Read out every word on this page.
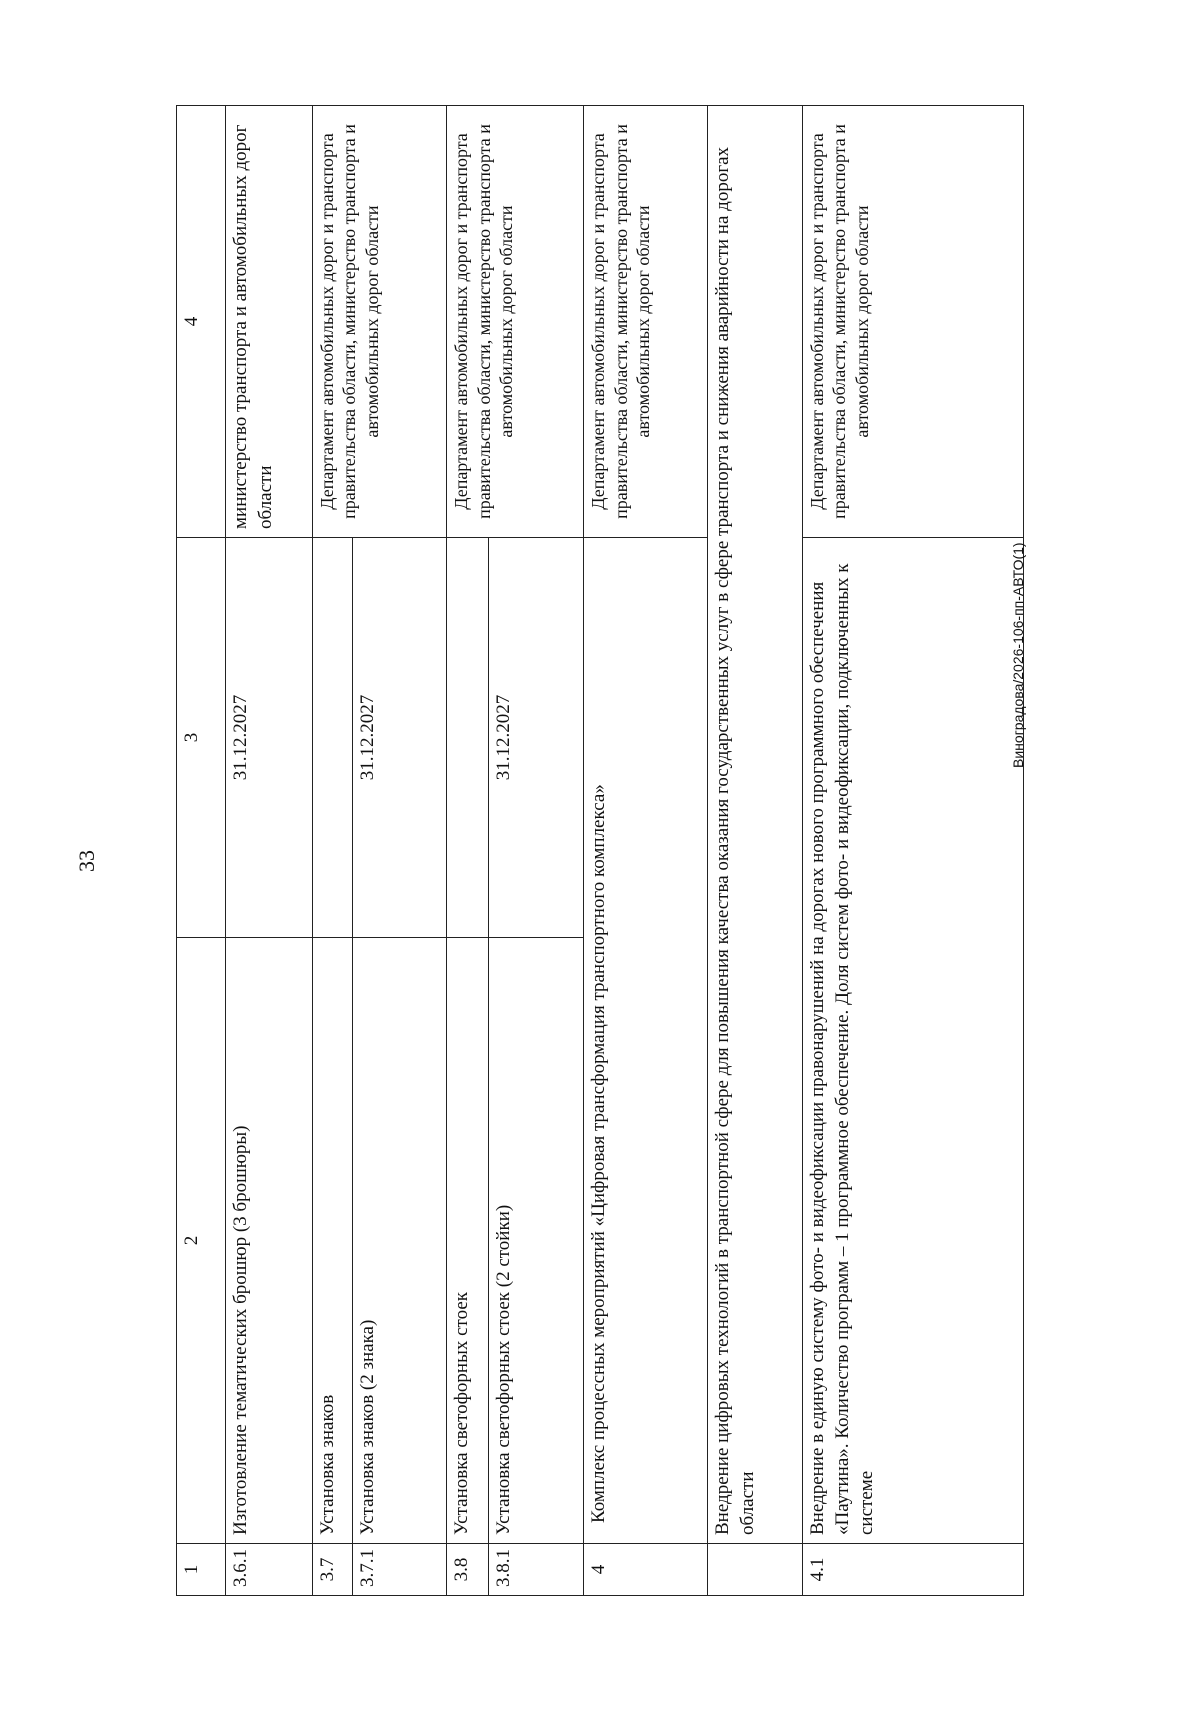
33
1	2	3	4
3.6.1	Изготовление тематических брошюр (3 брошюры)	31.12.2027	министерство транспорта и автомобильных дорог области
3.7	Установка знаков		Департамент автомобильных дорог и транспорта правительства области, министерство транспорта и автомобильных дорог области
3.7.1	Установка знаков (2 знака)	31.12.2027	
3.8	Установка светофорных стоек		Департамент автомобильных дорог и транспорта правительства области, министерство транспорта и автомобильных дорог области
3.8.1	Установка светофорных стоек (2 стойки)	31.12.2027	
4	Комплекс процессных мероприятий «Цифровая трансформация транспортного комплекса»		Департамент автомобильных дорог и транспорта правительства области, министерство транспорта и автомобильных дорог области
	Внедрение цифровых технологий в транспортной сфере для повышения качества оказания государственных услуг в сфере транспорта и снижения аварийности на дорогах области		
4.1	Внедрение в единую систему фото- и видеофиксации правонарушений на дорогах нового программного обеспечения «Паутина». Количество программ – 1 программное обеспечение. Доля систем фото- и видеофиксации, подключенных к системе		Департамент автомобильных дорог и транспорта правительства области, министерство транспорта и автомобильных дорог области
Виноградова/2026-106-пп-АВТО(1)
